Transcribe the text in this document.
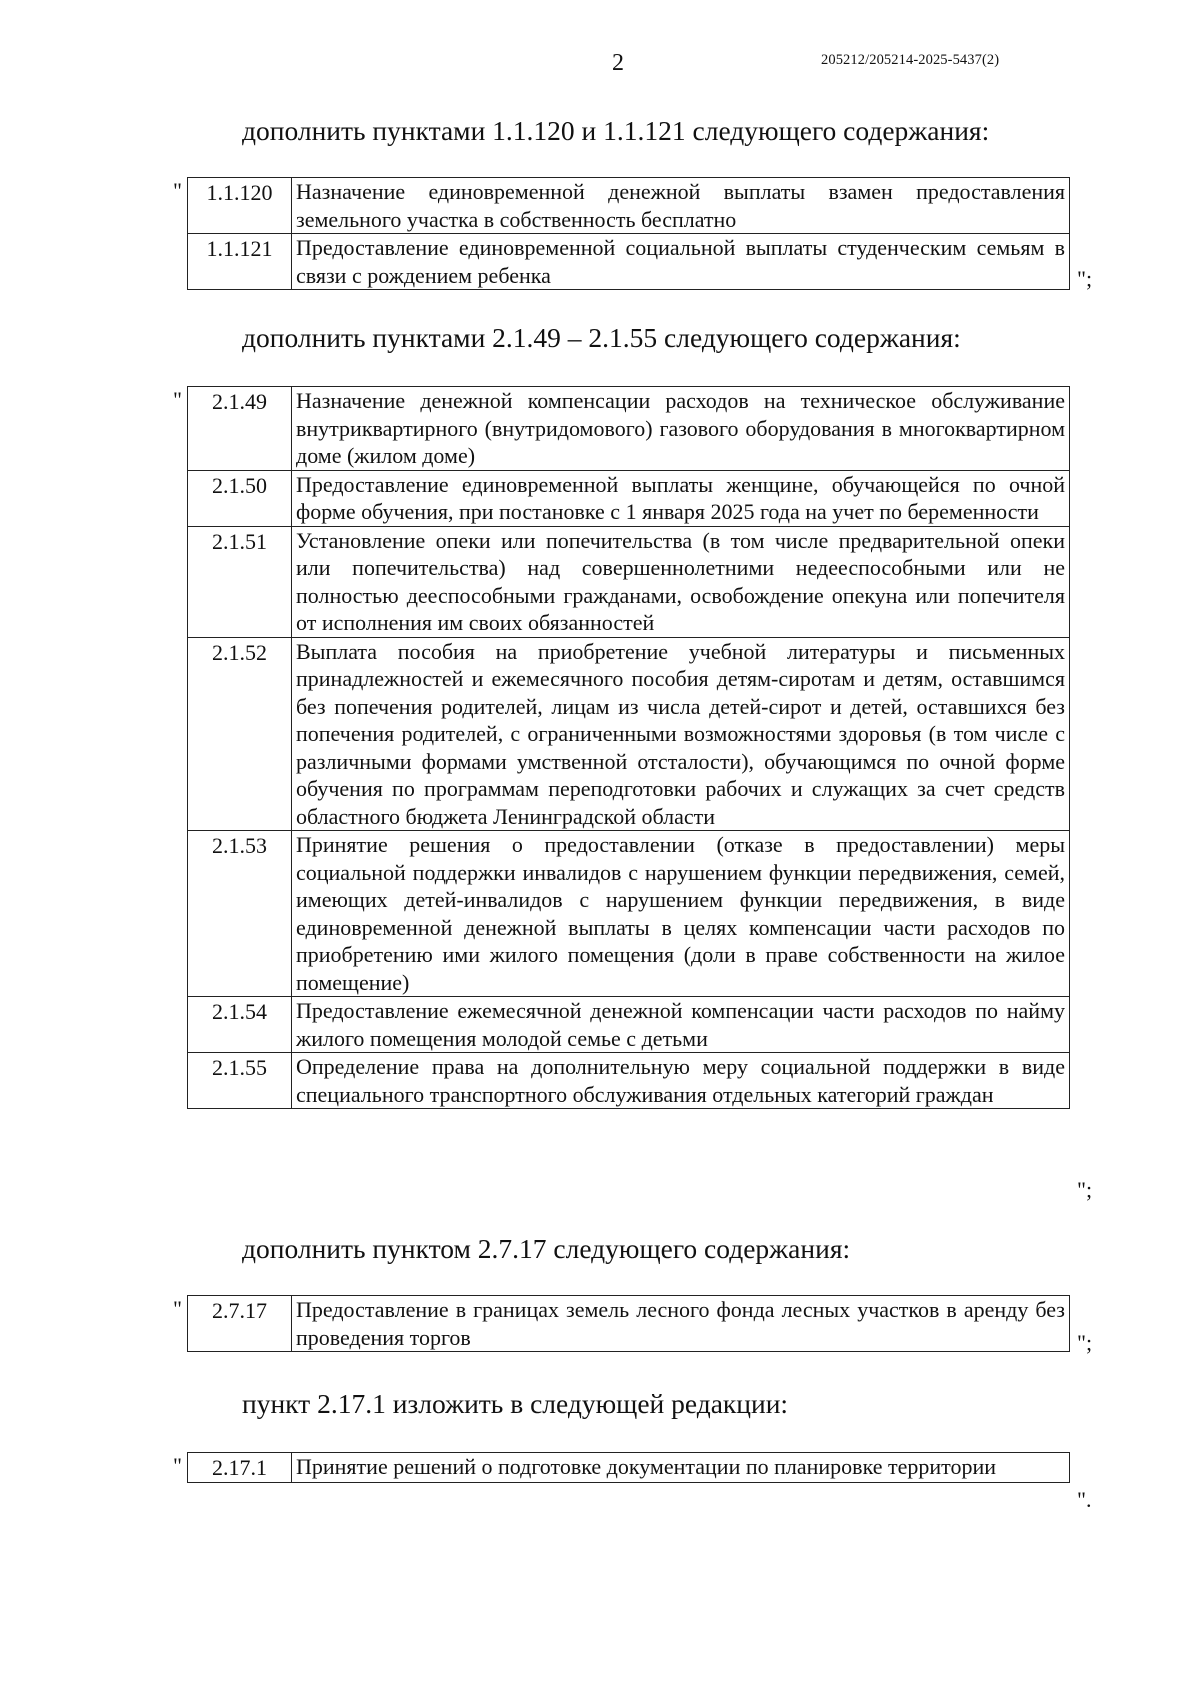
2	205212/205214-2025-5437(2)
дополнить пунктами 1.1.120 и 1.1.121 следующего содержания:
" 1.1.120	Назначение единовременной денежной выплаты взамен предоставления земельного участка в собственность бесплатно
1.1.121	Предоставление единовременной социальной выплаты студенческим семьям в связи с рождением ребенка	";
дополнить пунктами 2.1.49 – 2.1.55 следующего содержания:
" 2.1.49	Назначение денежной компенсации расходов на техническое обслуживание внутриквартирного (внутридомового) газового оборудования в многоквартирном доме (жилом доме)
2.1.50	Предоставление единовременной выплаты женщине, обучающейся по очной форме обучения, при постановке с 1 января 2025 года на учет по беременности
2.1.51	Установление опеки или попечительства (в том числе предварительной опеки или попечительства) над совершеннолетними недееспособными или не полностью дееспособными гражданами, освобождение опекуна или попечителя от исполнения им своих обязанностей
2.1.52	Выплата пособия на приобретение учебной литературы и письменных принадлежностей и ежемесячного пособия детям-сиротам и детям, оставшимся без попечения родителей, лицам из числа детей-сирот и детей, оставшихся без попечения родителей, с ограниченными возможностями здоровья (в том числе с различными формами умственной отсталости), обучающимся по очной форме обучения по программам переподготовки рабочих и служащих за счет средств областного бюджета Ленинградской области
2.1.53	Принятие решения о предоставлении (отказе в предоставлении) меры социальной поддержки инвалидов с нарушением функции передвижения, семей, имеющих детей-инвалидов с нарушением функции передвижения, в виде единовременной денежной выплаты в целях компенсации части расходов по приобретению ими жилого помещения (доли в праве собственности на жилое помещение)
2.1.54	Предоставление ежемесячной денежной компенсации части расходов по найму жилого помещения молодой семье с детьми
2.1.55	Определение права на дополнительную меру социальной поддержки в виде специального транспортного обслуживания отдельных категорий граждан
";
дополнить пунктом 2.7.17 следующего содержания:
" 2.7.17	Предоставление в границах земель лесного фонда лесных участков в аренду без проведения торгов	";
пункт 2.17.1 изложить в следующей редакции:
" 2.17.1	Принятие решений о подготовке документации по планировке территории
".
